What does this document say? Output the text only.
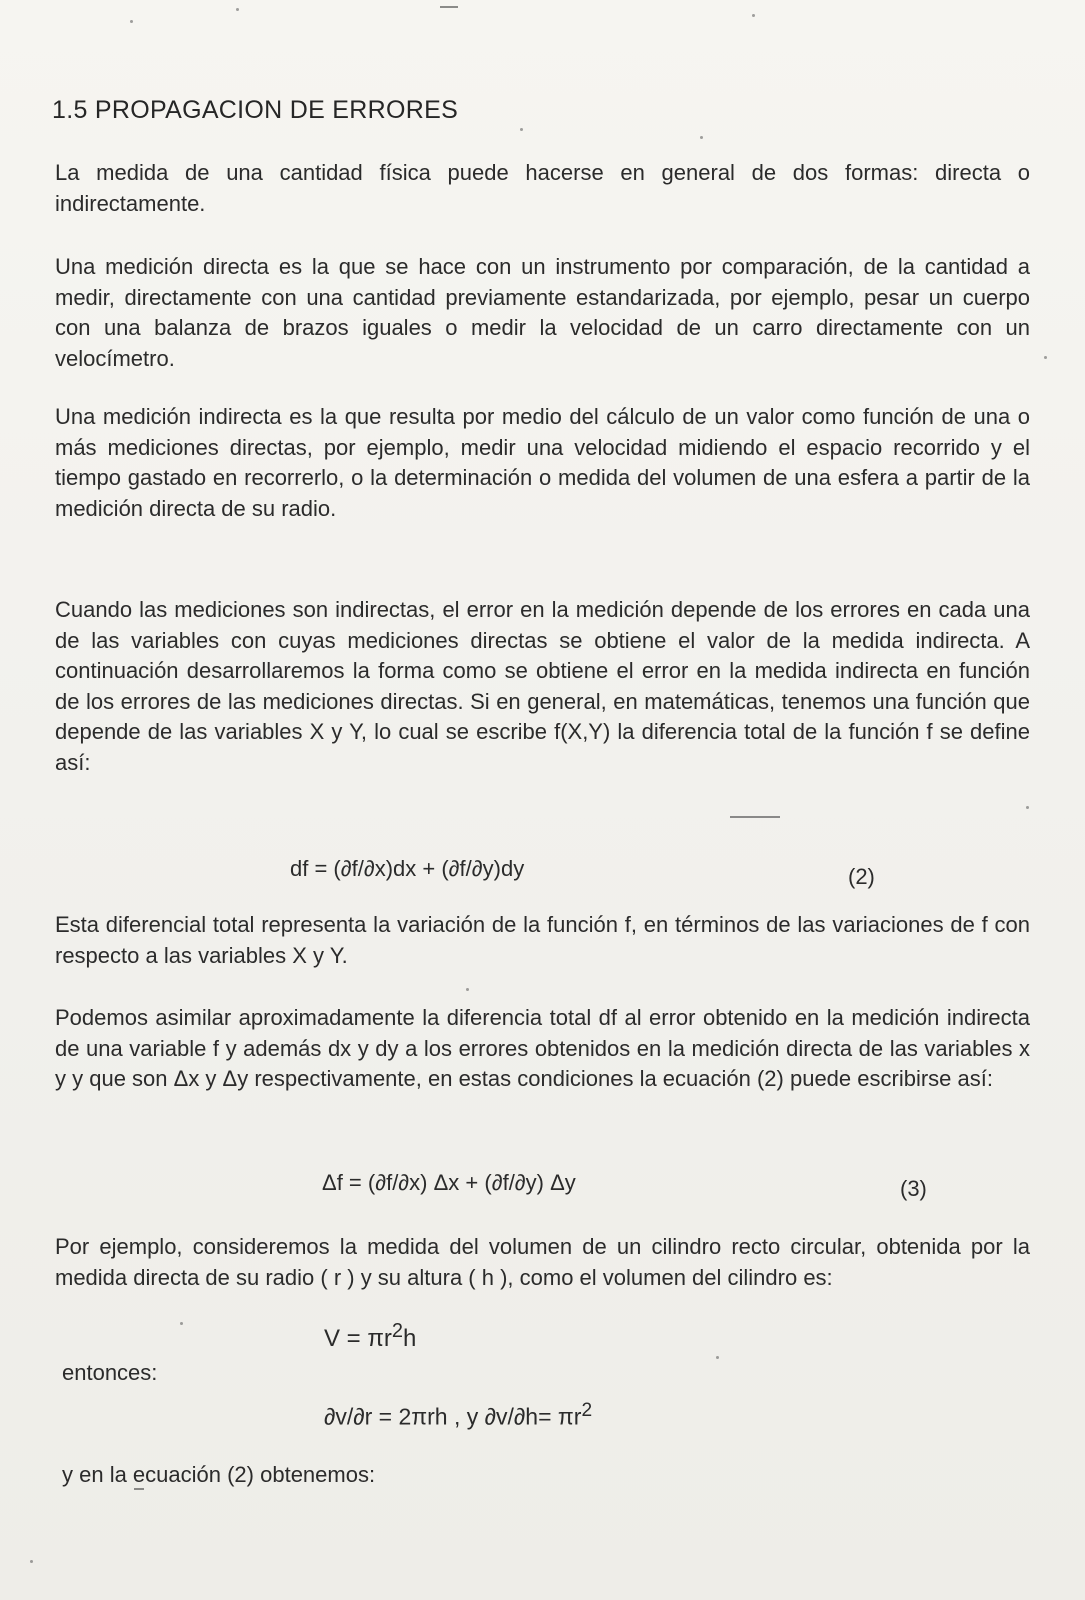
1.5 PROPAGACION DE ERRORES
La medida de una cantidad física puede hacerse en general de dos formas: directa o indirectamente.
Una medición directa es la que se hace con un instrumento por comparación, de la cantidad a medir, directamente con una cantidad previamente estandarizada, por ejemplo, pesar un cuerpo con una balanza de brazos iguales o medir la velocidad de un carro directamente con un velocímetro.
Una medición indirecta es la que resulta por medio del cálculo de un valor como función de una o más mediciones directas, por ejemplo, medir una velocidad midiendo el espacio recorrido y el tiempo gastado en recorrerlo, o la determinación o medida del volumen de una esfera a partir de la medición directa de su radio.
Cuando las mediciones son indirectas, el error en la medición depende de los errores en cada una de las variables con cuyas mediciones directas se obtiene el valor de la medida indirecta. A continuación desarrollaremos la forma como se obtiene el error en la medida indirecta en función de los errores de las mediciones directas. Si en general, en matemáticas, tenemos una función que depende de las variables X y Y, lo cual se escribe f(X,Y) la diferencia total de la función f se define así:
df = (∂f/∂x)dx + (∂f/∂y)dy	(2)
Esta diferencial total representa la variación de la función f, en términos de las variaciones de f con respecto a las variables X y Y.
Podemos asimilar aproximadamente la diferencia total df al error obtenido en la medición indirecta de una variable f y además dx y dy a los errores obtenidos en la medición directa de las variables x y y que son Δx y Δy respectivamente, en estas condiciones la ecuación (2) puede escribirse así:
Δf = (∂f/∂x) Δx + (∂f/∂y) Δy	(3)
Por ejemplo, consideremos la medida del volumen de un cilindro recto circular, obtenida por la medida directa de su radio ( r ) y su altura ( h ), como el volumen del cilindro es:
$V = \pi r^2h$
entonces:
∂v/∂r = 2πrh , y $\partial v/\partial h= \pi r^2$
y en la ecuación (2) obtenemos:
